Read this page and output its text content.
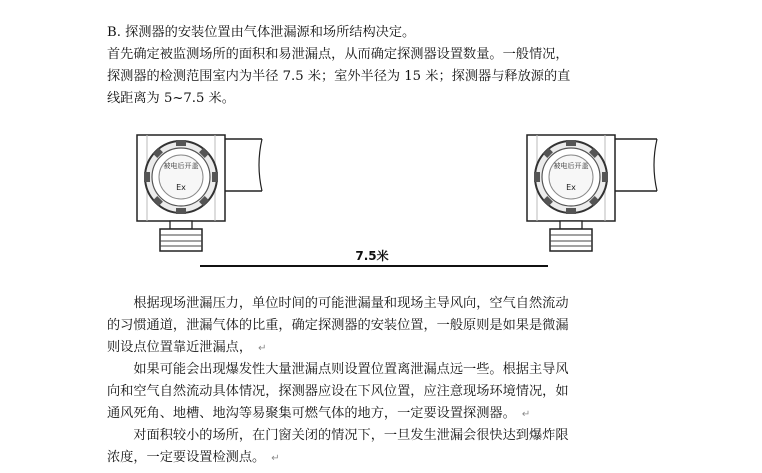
B. 探测器的安装位置由气体泄漏源和场所结构决定。
首先确定被监测场所的面积和易泄漏点，从而确定探测器设置数量。一般情况，
探测器的检测范围室内为半径 7.5 米；室外半径为 15 米；探测器与释放源的直
线距离为 5~7.5 米。
被电后开盖
Ex
被电后开盖
Ex
7.5米
　　根据现场泄漏压力，单位时间的可能泄漏量和现场主导风向，空气自然流动
的习惯通道，泄漏气体的比重，确定探测器的安装位置，一般原则是如果是微漏
则设点位置靠近泄漏点， ↵
　　如果可能会出现爆发性大量泄漏点则设置位置离泄漏点远一些。根据主导风
向和空气自然流动具体情况，探测器应设在下风位置，应注意现场环境情况，如
通风死角、地槽、地沟等易聚集可燃气体的地方，一定要设置探测器。 ↵
　　对面积较小的场所，在门窗关闭的情况下，一旦发生泄漏会很快达到爆炸限
浓度，一定要设置检测点。 ↵
